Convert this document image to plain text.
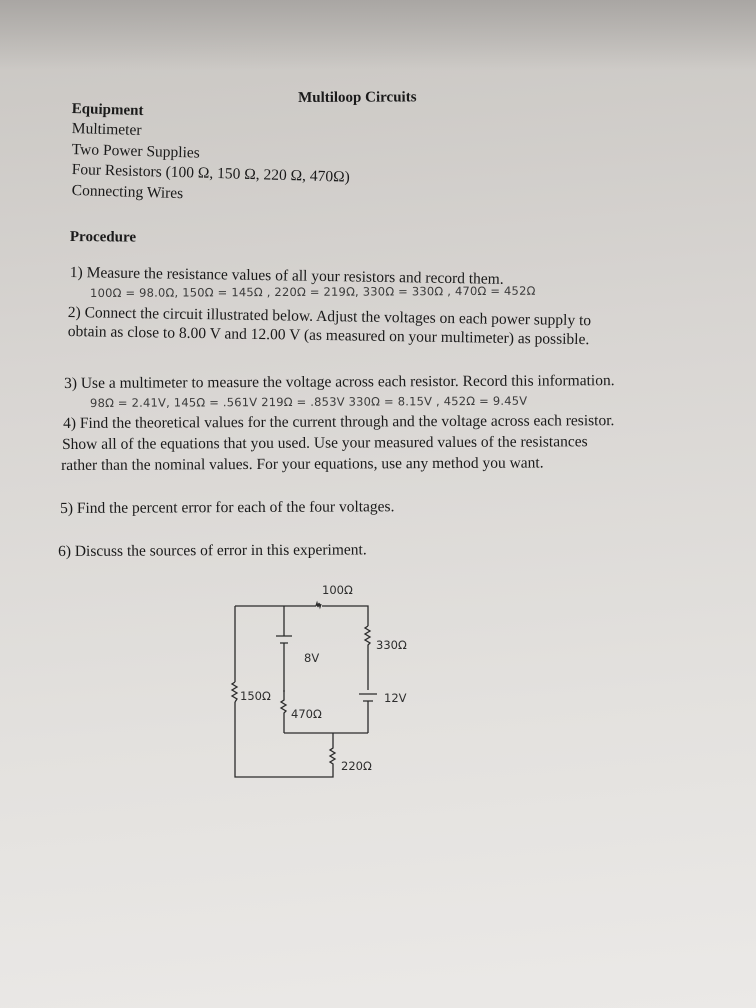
Multiloop Circuits
Equipment
Multimeter
Two Power Supplies
Four Resistors (100 Ω, 150 Ω, 220 Ω, 470Ω)
Connecting Wires
Procedure
1) Measure the resistance values of all your resistors and record them.
100Ω = 98.0Ω, 150Ω = 145Ω , 220Ω = 219Ω, 330Ω = 330Ω , 470Ω = 452Ω
2) Connect the circuit illustrated below. Adjust the voltages on each power supply to
obtain as close to 8.00 V and 12.00 V (as measured on your multimeter) as possible.
3) Use a multimeter to measure the voltage across each resistor. Record this information.
98Ω = 2.41V, 145Ω = .561V 219Ω = .853V 330Ω = 8.15V , 452Ω = 9.45V
4) Find the theoretical values for the current through and the voltage across each resistor.
Show all of the equations that you used. Use your measured values of the resistances
rather than the nominal values. For your equations, use any method you want.
5) Find the percent error for each of the four voltages.
6) Discuss the sources of error in this experiment.
100Ω
8V
330Ω
150Ω	12V
470Ω
220Ω
